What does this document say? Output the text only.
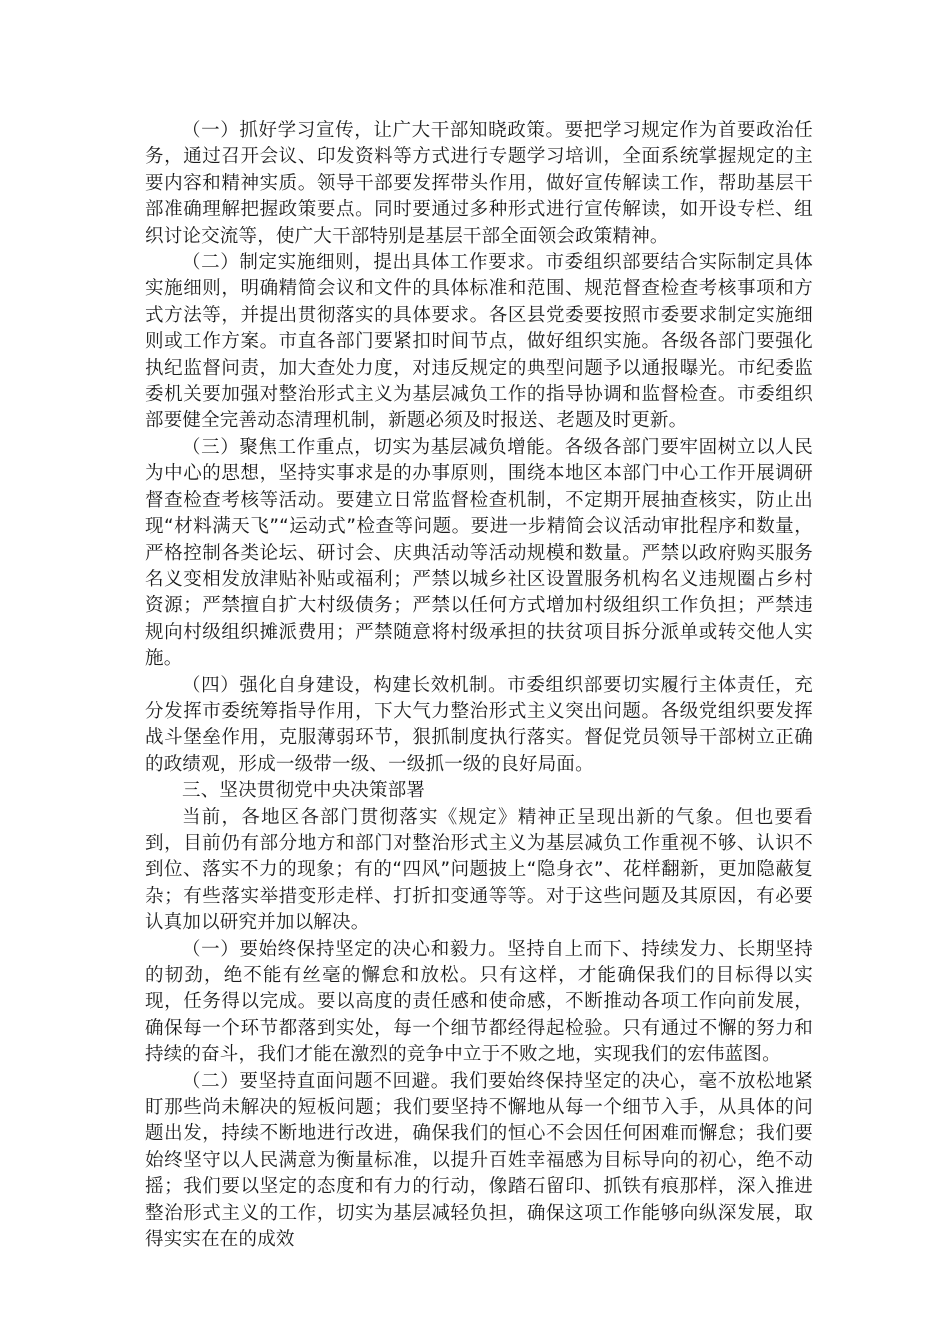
（一）抓好学习宣传，让广大干部知晓政策。要把学习规定作为首要政治任务，通过召开会议、印发资料等方式进行专题学习培训，全面系统掌握规定的主要内容和精神实质。领导干部要发挥带头作用，做好宣传解读工作，帮助基层干部准确理解把握政策要点。同时要通过多种形式进行宣传解读，如开设专栏、组织讨论交流等，使广大干部特别是基层干部全面领会政策精神。

（二）制定实施细则，提出具体工作要求。市委组织部要结合实际制定具体实施细则，明确精简会议和文件的具体标准和范围、规范督查检查考核事项和方式方法等，并提出贯彻落实的具体要求。各区县党委要按照市委要求制定实施细则或工作方案。市直各部门要紧扣时间节点，做好组织实施。各级各部门要强化执纪监督问责，加大查处力度，对违反规定的典型问题予以通报曝光。市纪委监委机关要加强对整治形式主义为基层减负工作的指导协调和监督检查。市委组织部要健全完善动态清理机制，新题必须及时报送、老题及时更新。

（三）聚焦工作重点，切实为基层减负增能。各级各部门要牢固树立以人民为中心的思想，坚持实事求是的办事原则，围绕本地区本部门中心工作开展调研督查检查考核等活动。要建立日常监督检查机制，不定期开展抽查核实，防止出现“材料满天飞”“运动式”检查等问题。要进一步精简会议活动审批程序和数量，严格控制各类论坛、研讨会、庆典活动等活动规模和数量。严禁以政府购买服务名义变相发放津贴补贴或福利；严禁以城乡社区设置服务机构名义违规圈占乡村资源；严禁擅自扩大村级债务；严禁以任何方式增加村级组织工作负担；严禁违规向村级组织摊派费用；严禁随意将村级承担的扶贫项目拆分派单或转交他人实施。

（四）强化自身建设，构建长效机制。市委组织部要切实履行主体责任，充分发挥市委统筹指导作用，下大气力整治形式主义突出问题。各级党组织要发挥战斗堡垒作用，克服薄弱环节，狠抓制度执行落实。督促党员领导干部树立正确的政绩观，形成一级带一级、一级抓一级的良好局面。

三、坚决贯彻党中央决策部署

当前，各地区各部门贯彻落实《规定》精神正呈现出新的气象。但也要看到，目前仍有部分地方和部门对整治形式主义为基层减负工作重视不够、认识不到位、落实不力的现象；有的“四风”问题披上“隐身衣”、花样翻新，更加隐蔽复杂；有些落实举措变形走样、打折扣变通等等。对于这些问题及其原因，有必要认真加以研究并加以解决。

（一）要始终保持坚定的决心和毅力。坚持自上而下、持续发力、长期坚持的韧劲，绝不能有丝毫的懈怠和放松。只有这样，才能确保我们的目标得以实现，任务得以完成。要以高度的责任感和使命感，不断推动各项工作向前发展，确保每一个环节都落到实处，每一个细节都经得起检验。只有通过不懈的努力和持续的奋斗，我们才能在激烈的竞争中立于不败之地，实现我们的宏伟蓝图。

（二）要坚持直面问题不回避。我们要始终保持坚定的决心，毫不放松地紧盯那些尚未解决的短板问题；我们要坚持不懈地从每一个细节入手，从具体的问题出发，持续不断地进行改进，确保我们的恒心不会因任何困难而懈怠；我们要始终坚守以人民满意为衡量标准，以提升百姓幸福感为目标导向的初心，绝不动摇；我们要以坚定的态度和有力的行动，像踏石留印、抓铁有痕那样，深入推进整治形式主义的工作，切实为基层减轻负担，确保这项工作能够向纵深发展，取得实实在在的成效
